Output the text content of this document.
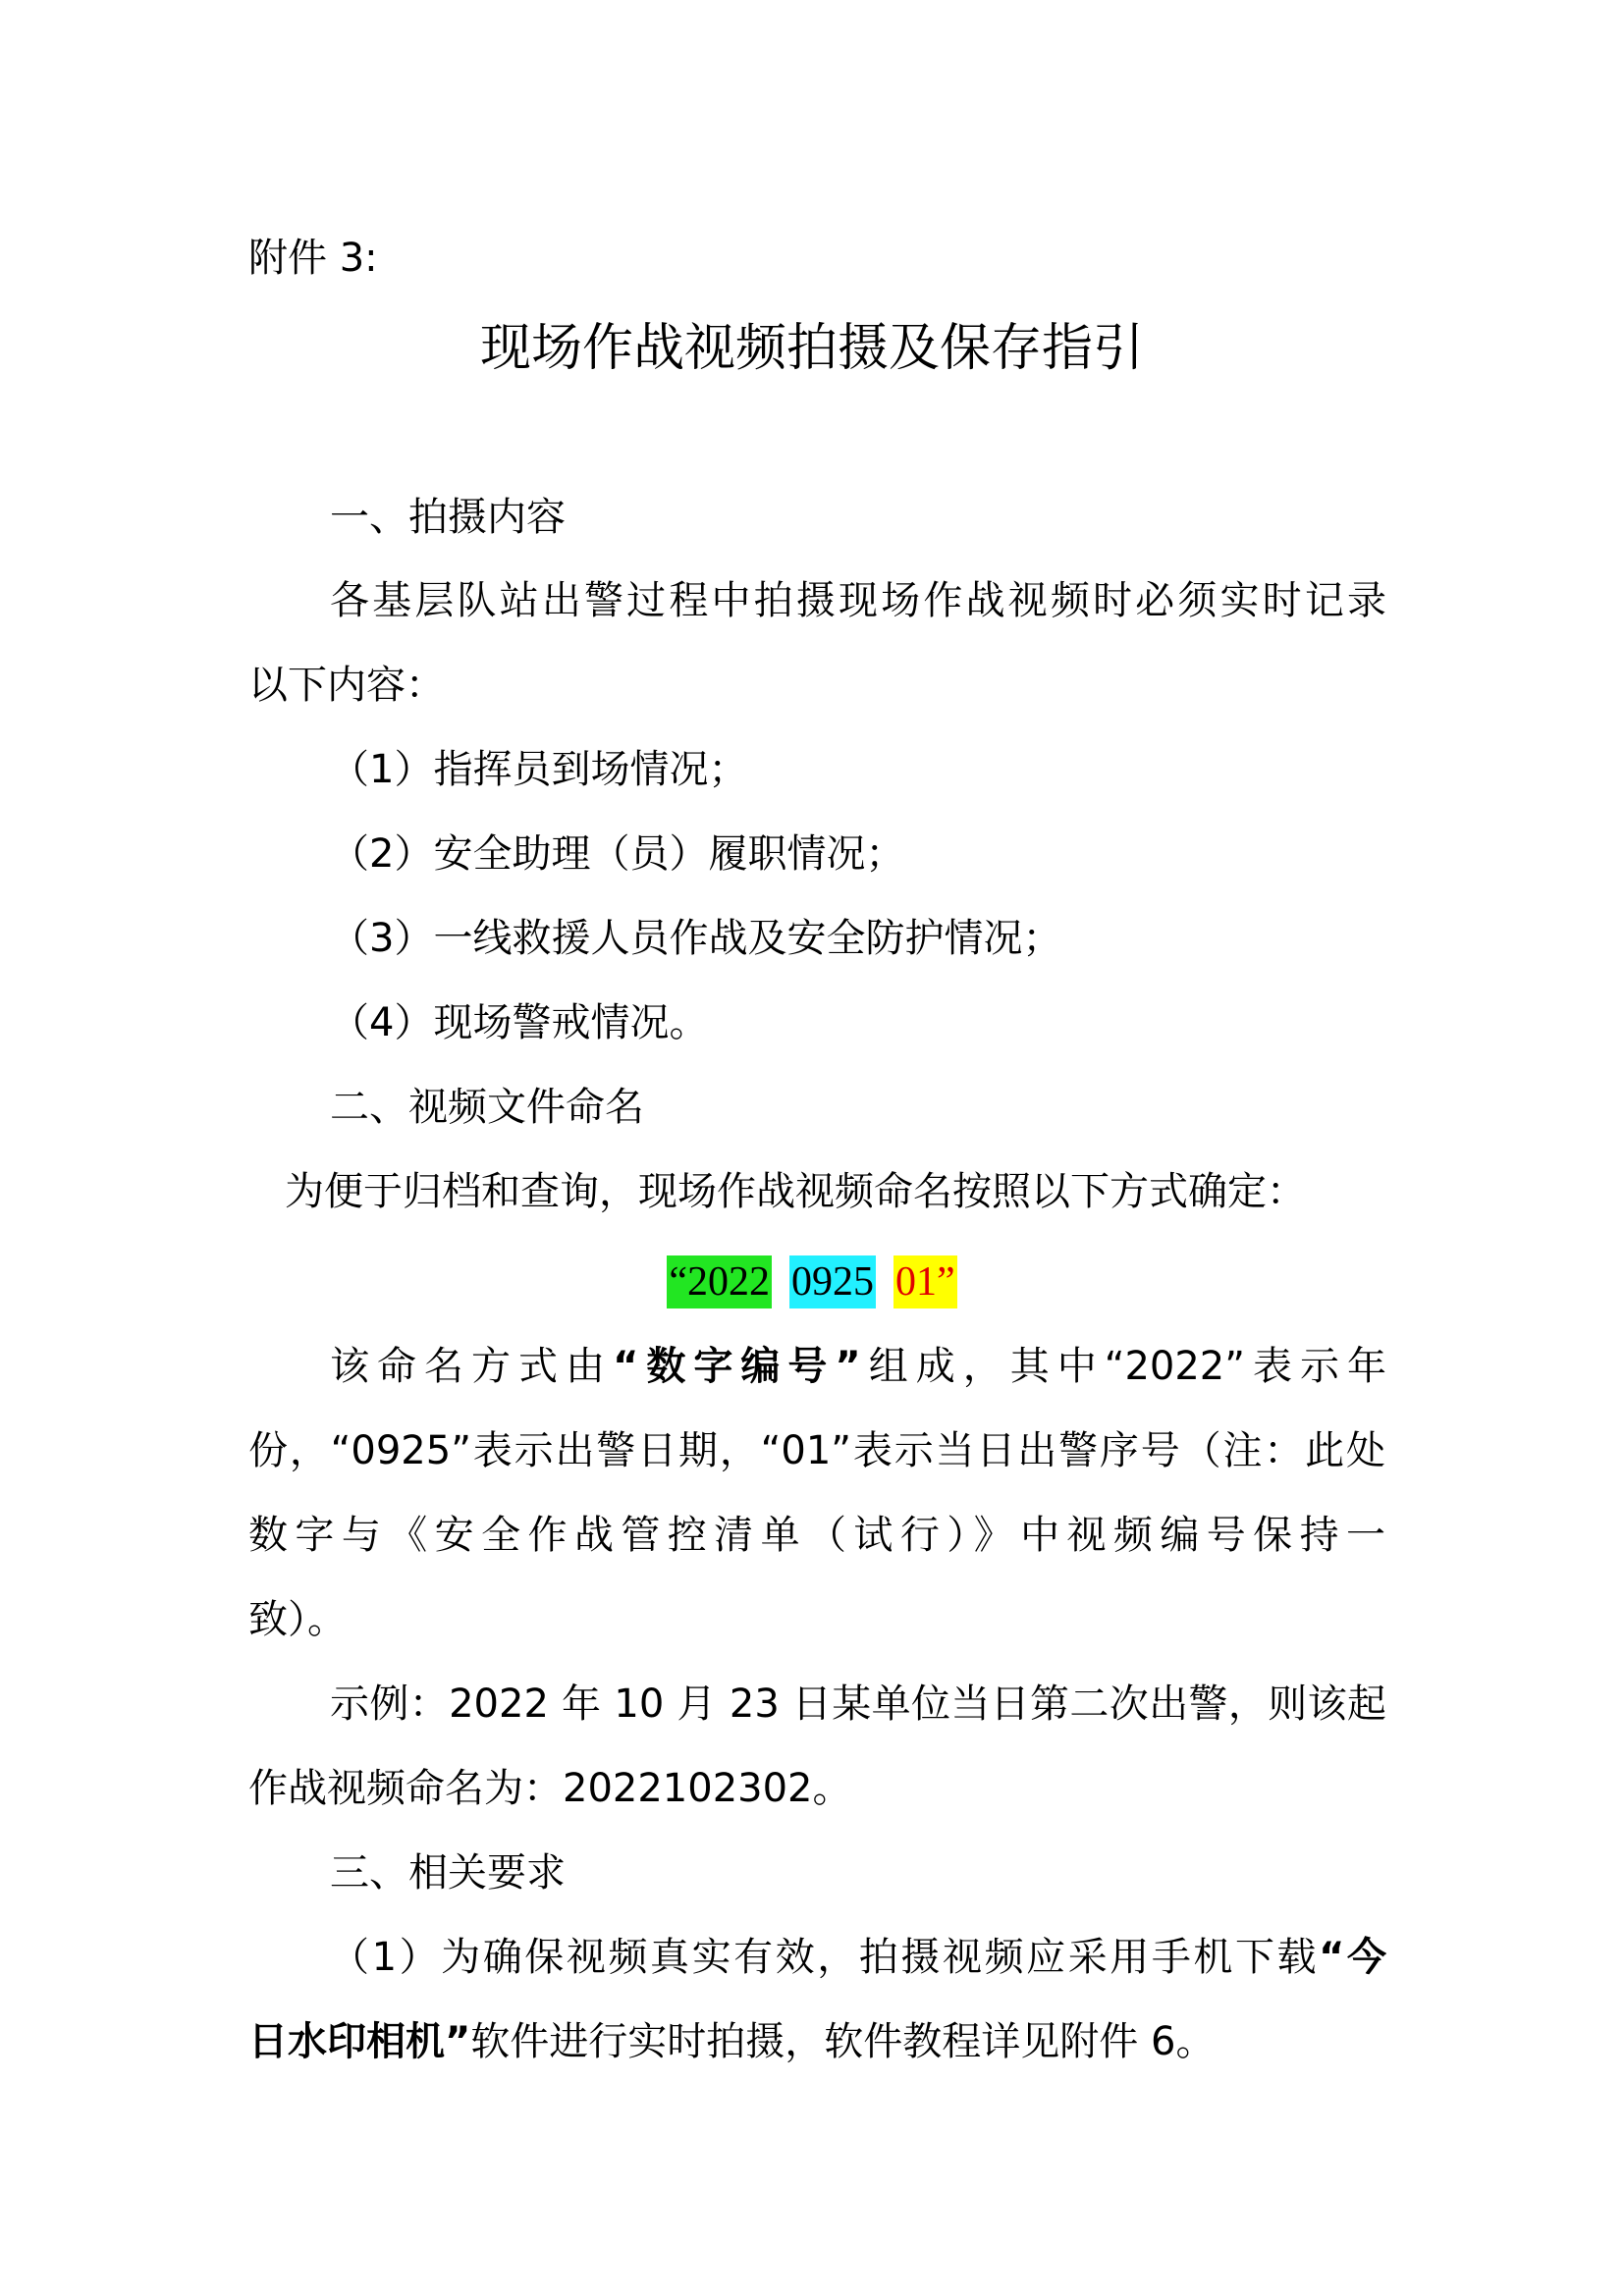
附件 3:
现场作战视频拍摄及保存指引
一、拍摄内容
各基层队站出警过程中拍摄现场作战视频时必须实时记录
以下内容：
（1）指挥员到场情况；
（2）安全助理（员）履职情况；
（3）一线救援人员作战及安全防护情况；
（4）现场警戒情况。
二、视频文件命名
为便于归档和查询，现场作战视频命名按照以下方式确定：
“2022 0925 01”
该命名方式由“数字编号”组成，其中“2022”表示年
份，“0925”表示出警日期，“01”表示当日出警序号（注：此处
数字与《安全作战管控清单（试行）》中视频编号保持一
致）。
示例：2022 年 10 月 23 日某单位当日第二次出警，则该起
作战视频命名为：2022102302。
三、相关要求
（1）为确保视频真实有效，拍摄视频应采用手机下载“今
日水印相机”软件进行实时拍摄，软件教程详见附件 6。
